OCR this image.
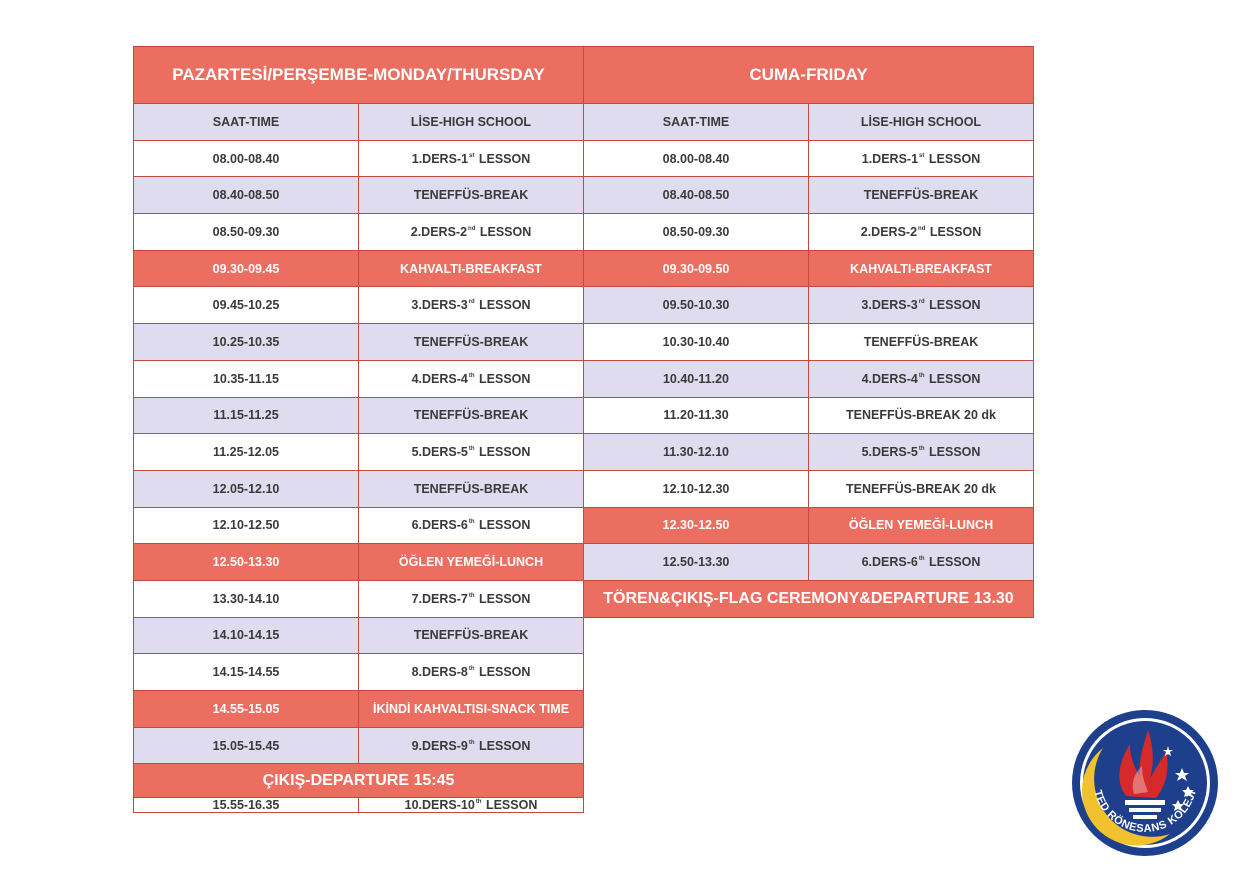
PAZARTESİ/PERŞEMBE-MONDAY/THURSDAY
SAAT-TIME	LİSE-HIGH SCHOOL
08.00-08.40	1.DERS-1st LESSON
08.40-08.50	TENEFFÜS-BREAK
08.50-09.30	2.DERS-2nd LESSON
09.30-09.45	KAHVALTI-BREAKFAST
09.45-10.25	3.DERS-3rd LESSON
10.25-10.35	TENEFFÜS-BREAK
10.35-11.15	4.DERS-4th LESSON
11.15-11.25	TENEFFÜS-BREAK
11.25-12.05	5.DERS-5th LESSON
12.05-12.10	TENEFFÜS-BREAK
12.10-12.50	6.DERS-6th LESSON
12.50-13.30	ÖĞLEN YEMEĞİ-LUNCH
13.30-14.10	7.DERS-7th LESSON
14.10-14.15	TENEFFÜS-BREAK
14.15-14.55	8.DERS-8th LESSON
14.55-15.05	İKİNDİ KAHVALTISI-SNACK TIME
15.05-15.45	9.DERS-9th LESSON
ÇIKIŞ-DEPARTURE 15:45
15.55-16.35	10.DERS-10th LESSON
CUMA-FRIDAY
SAAT-TIME	LİSE-HIGH SCHOOL
08.00-08.40	1.DERS-1st LESSON
08.40-08.50	TENEFFÜS-BREAK
08.50-09.30	2.DERS-2nd LESSON
09.30-09.50	KAHVALTI-BREAKFAST
09.50-10.30	3.DERS-3rd LESSON
10.30-10.40	TENEFFÜS-BREAK
10.40-11.20	4.DERS-4th LESSON
11.20-11.30	TENEFFÜS-BREAK 20 dk
11.30-12.10	5.DERS-5th LESSON
12.10-12.30	TENEFFÜS-BREAK 20 dk
12.30-12.50	ÖĞLEN YEMEĞİ-LUNCH
12.50-13.30	6.DERS-6th LESSON
TÖREN&ÇIKIŞ-FLAG CEREMONY&DEPARTURE 13.30
TED RÖNESANS KOLEJİ
